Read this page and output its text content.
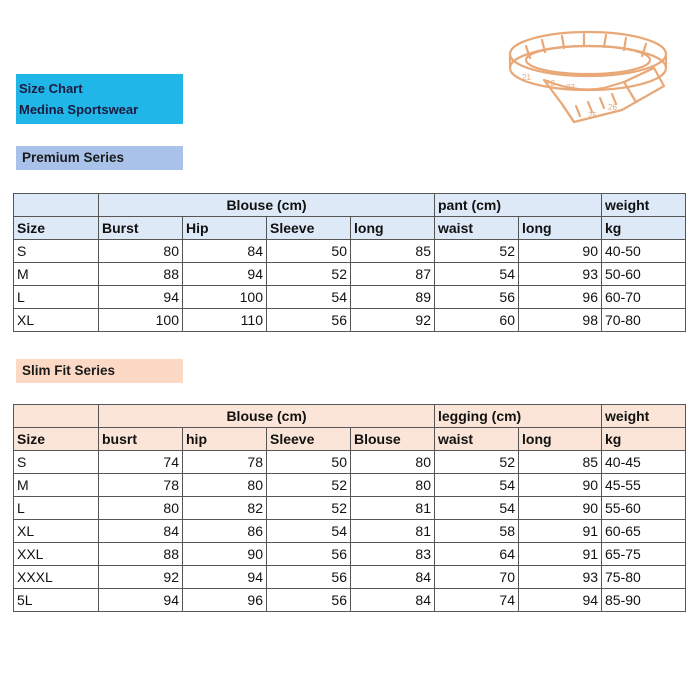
21
22 23
25
26
Size Chart
Medina Sportswear
Premium Series
	Blouse (cm)				pant (cm)		weight
Size	Burst	Hip	Sleeve	long	waist	long	kg
S	80	84	50	85	52	90	40-50
M	88	94	52	87	54	93	50-60
L	94	100	54	89	56	96	60-70
XL	100	110	56	92	60	98	70-80
Slim Fit Series
	Blouse (cm)				legging (cm)		weight
Size	busrt	hip	Sleeve	Blouse	waist	long	kg
S	74	78	50	80	52	85	40-45
M	78	80	52	80	54	90	45-55
L	80	82	52	81	54	90	55-60
XL	84	86	54	81	58	91	60-65
XXL	88	90	56	83	64	91	65-75
XXXL	92	94	56	84	70	93	75-80
5L	94	96	56	84	74	94	85-90
